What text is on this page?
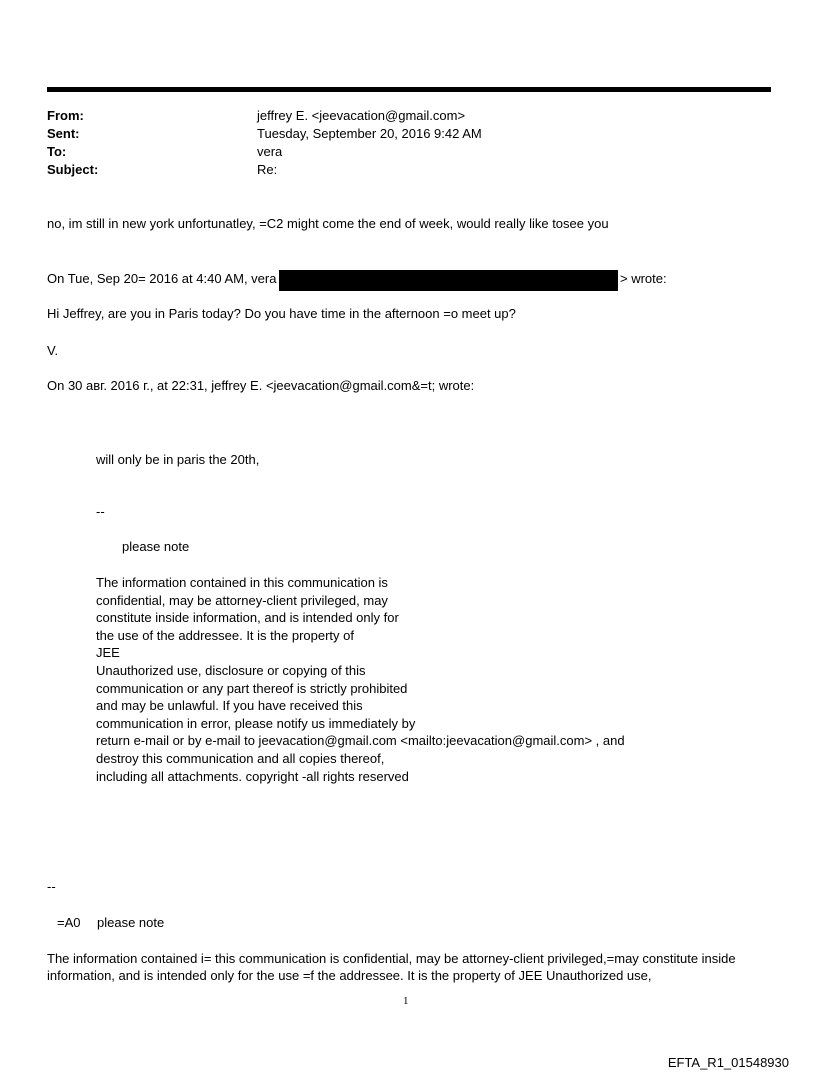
From:	jeffrey E. <jeevacation@gmail.com>
Sent:	Tuesday, September 20, 2016 9:42 AM
To:	vera
Subject:	Re:
no, im still in new york unfortunatley, =C2 might come the end of week, would really like tosee you
On Tue, Sep 20= 2016 at 4:40 AM, vera	> wrote:
Hi Jeffrey, are you in Paris today? Do you have time in the afternoon =o meet up?
V.
On 30 авг. 2016 г., at 22:31, jeffrey E. <jeevacation@gmail.com&=t; wrote:
will only be in paris the 20th,
--
please note
The information contained in this communication is
confidential, may be attorney-client privileged, may
constitute inside information, and is intended only for
the use of the addressee. It is the property of
JEE
Unauthorized use, disclosure or copying of this
communication or any part thereof is strictly prohibited
and may be unlawful. If you have received this
communication in error, please notify us immediately by
return e-mail or by e-mail to jeevacation@gmail.com <mailto:jeevacation@gmail.com> , and
destroy this communication and all copies thereof,
including all attachments. copyright -all rights reserved
--
=A0 please note
The information contained i= this communication is confidential, may be attorney-client privileged,=may constitute inside information, and is intended only for the use =f the addressee. It is the property of JEE Unauthorized use,
1
EFTA_R1_01548930
